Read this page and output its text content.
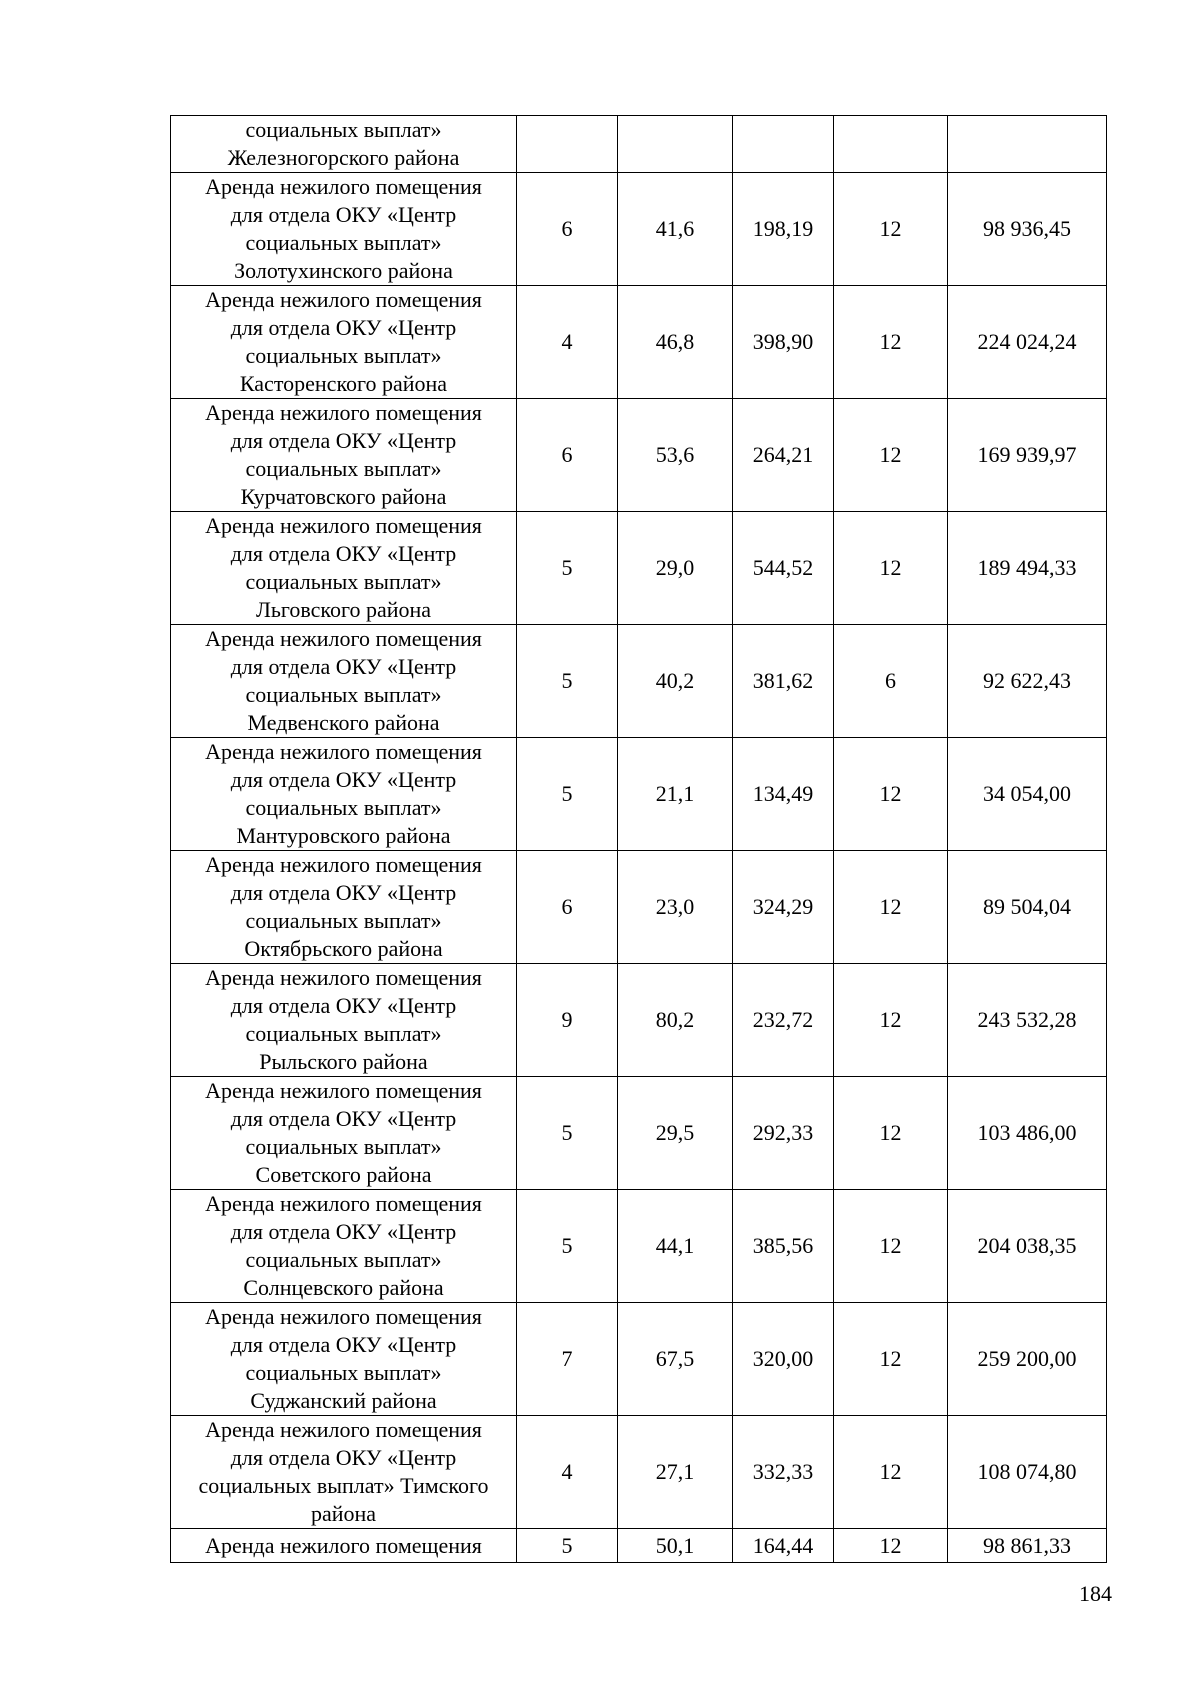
социальных выплат»
Железногорского района					

Аренда нежилого помещения
для отдела ОКУ «Центр
социальных выплат»
Золотухинского района	6	41,6	198,19	12	98 936,45

Аренда нежилого помещения
для отдела ОКУ «Центр
социальных выплат»
Касторенского района	4	46,8	398,90	12	224 024,24

Аренда нежилого помещения
для отдела ОКУ «Центр
социальных выплат»
Курчатовского района	6	53,6	264,21	12	169 939,97

Аренда нежилого помещения
для отдела ОКУ «Центр
социальных выплат»
Льговского района	5	29,0	544,52	12	189 494,33

Аренда нежилого помещения
для отдела ОКУ «Центр
социальных выплат»
Медвенского района	5	40,2	381,62	6	92 622,43

Аренда нежилого помещения
для отдела ОКУ «Центр
социальных выплат»
Мантуровского района	5	21,1	134,49	12	34 054,00

Аренда нежилого помещения
для отдела ОКУ «Центр
социальных выплат»
Октябрьского района	6	23,0	324,29	12	89 504,04

Аренда нежилого помещения
для отдела ОКУ «Центр
социальных выплат»
Рыльского района	9	80,2	232,72	12	243 532,28

Аренда нежилого помещения
для отдела ОКУ «Центр
социальных выплат»
Советского района	5	29,5	292,33	12	103 486,00

Аренда нежилого помещения
для отдела ОКУ «Центр
социальных выплат»
Солнцевского района	5	44,1	385,56	12	204 038,35

Аренда нежилого помещения
для отдела ОКУ «Центр
социальных выплат»
Суджанский района	7	67,5	320,00	12	259 200,00

Аренда нежилого помещения
для отдела ОКУ «Центр
социальных выплат» Тимского
района	4	27,1	332,33	12	108 074,80

Аренда нежилого помещения	5	50,1	164,44	12	98 861,33
184
